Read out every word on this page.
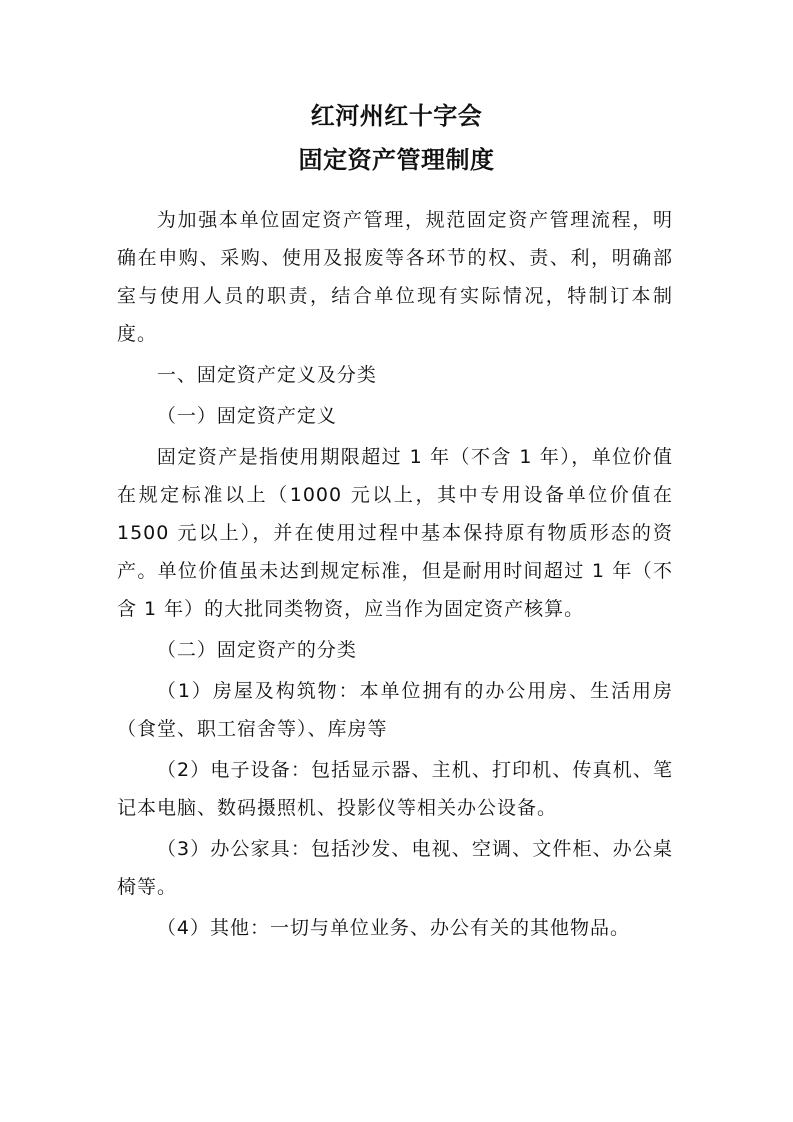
红河州红十字会
固定资产管理制度

为加强本单位固定资产管理，规范固定资产管理流程，明确在申购、采购、使用及报废等各环节的权、责、利，明确部室与使用人员的职责，结合单位现有实际情况，特制订本制度。

一、固定资产定义及分类

（一）固定资产定义

固定资产是指使用期限超过 1 年（不含 1 年），单位价值在规定标准以上（1000 元以上，其中专用设备单位价值在 1500 元以上），并在使用过程中基本保持原有物质形态的资产。单位价值虽未达到规定标准，但是耐用时间超过 1 年（不含 1 年）的大批同类物资，应当作为固定资产核算。

（二）固定资产的分类

（1）房屋及构筑物：本单位拥有的办公用房、生活用房（食堂、职工宿舍等）、库房等

（2）电子设备：包括显示器、主机、打印机、传真机、笔记本电脑、数码摄照机、投影仪等相关办公设备。

（3）办公家具：包括沙发、电视、空调、文件柜、办公桌椅等。

（4）其他：一切与单位业务、办公有关的其他物品。
